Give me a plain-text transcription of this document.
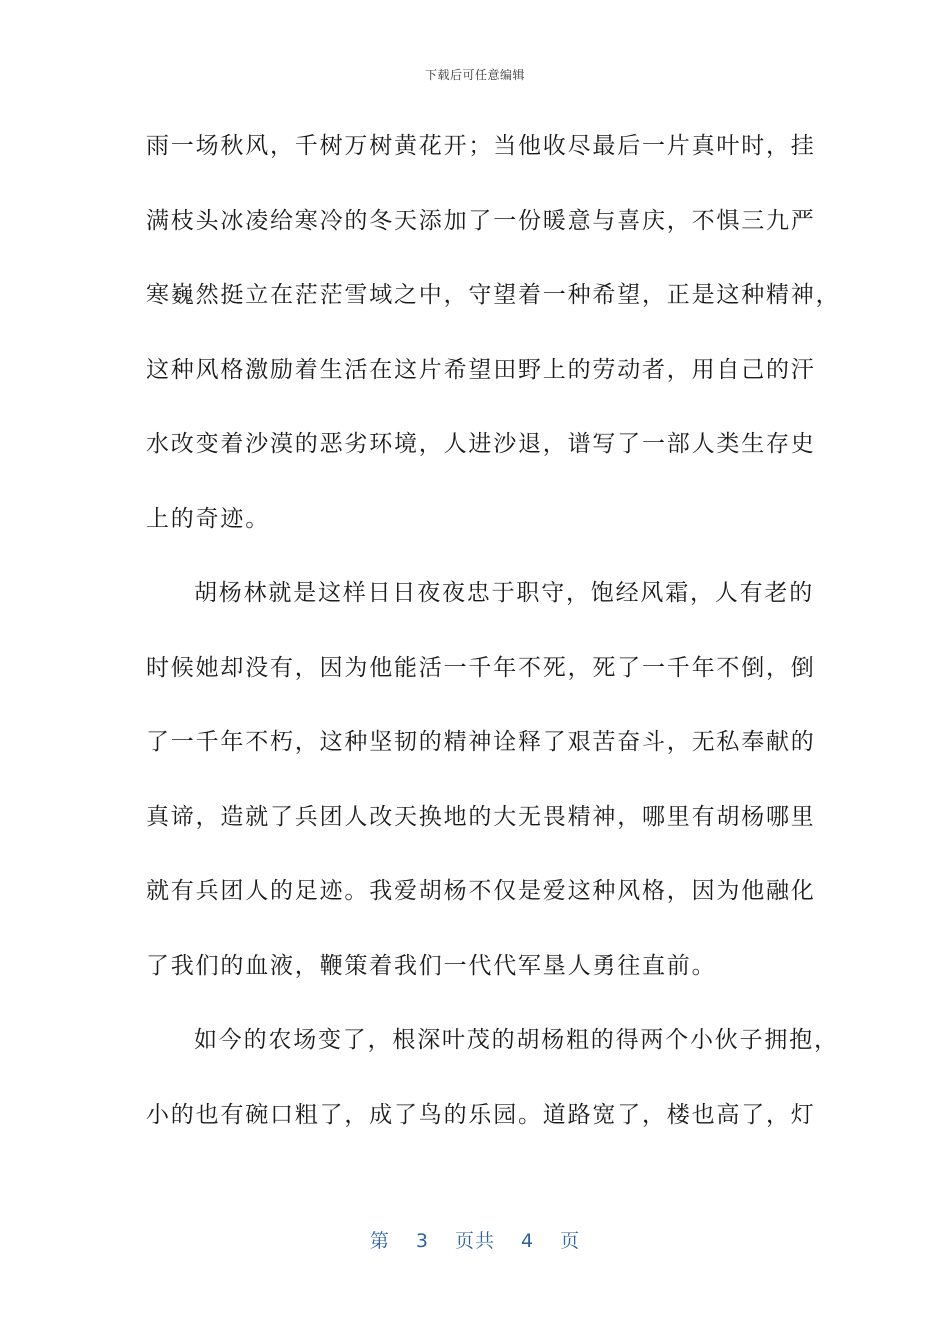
下载后可任意编辑
雨一场秋风，千树万树黄花开；当他收尽最后一片真叶时，挂
满枝头冰凌给寒冷的冬天添加了一份暖意与喜庆，不惧三九严
寒巍然挺立在茫茫雪域之中，守望着一种希望，正是这种精神，
这种风格激励着生活在这片希望田野上的劳动者，用自己的汗
水改变着沙漠的恶劣环境，人进沙退，谱写了一部人类生存史
上的奇迹。
胡杨林就是这样日日夜夜忠于职守，饱经风霜，人有老的
时候她却没有，因为他能活一千年不死，死了一千年不倒，倒
了一千年不朽，这种坚韧的精神诠释了艰苦奋斗，无私奉献的
真谛，造就了兵团人改天换地的大无畏精神，哪里有胡杨哪里
就有兵团人的足迹。我爱胡杨不仅是爱这种风格，因为他融化
了我们的血液，鞭策着我们一代代军垦人勇往直前。
如今的农场变了，根深叶茂的胡杨粗的得两个小伙子拥抱，
小的也有碗口粗了，成了鸟的乐园。道路宽了，楼也高了，灯
第 3 页共 4 页
